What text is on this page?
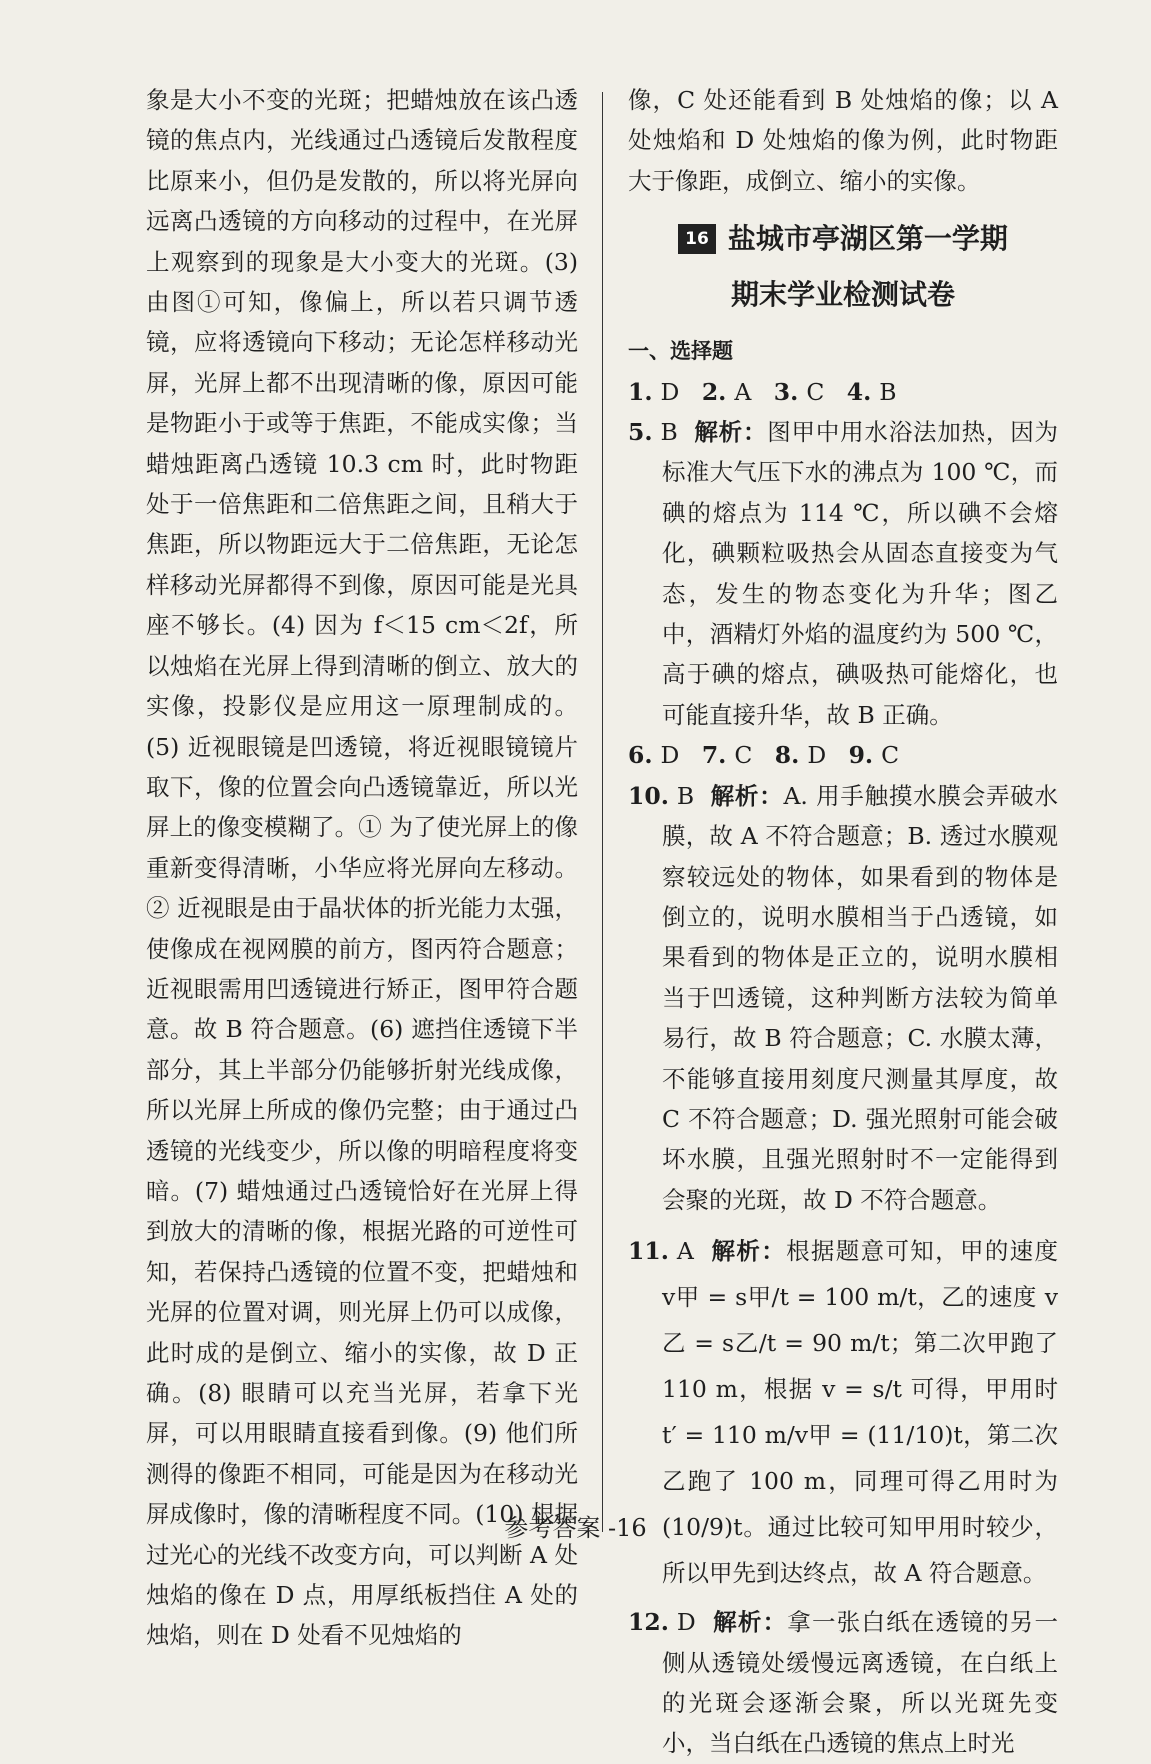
象是大小不变的光斑；把蜡烛放在该凸透镜的焦点内，光线通过凸透镜后发散程度比原来小，但仍是发散的，所以将光屏向远离凸透镜的方向移动的过程中，在光屏上观察到的现象是大小变大的光斑。(3) 由图①可知，像偏上，所以若只调节透镜，应将透镜向下移动；无论怎样移动光屏，光屏上都不出现清晰的像，原因可能是物距小于或等于焦距，不能成实像；当蜡烛距离凸透镜 10.3 cm 时，此时物距处于一倍焦距和二倍焦距之间，且稍大于焦距，所以物距远大于二倍焦距，无论怎样移动光屏都得不到像，原因可能是光具座不够长。(4) 因为 f＜15 cm＜2f，所以烛焰在光屏上得到清晰的倒立、放大的实像，投影仪是应用这一原理制成的。(5) 近视眼镜是凹透镜，将近视眼镜镜片取下，像的位置会向凸透镜靠近，所以光屏上的像变模糊了。① 为了使光屏上的像重新变得清晰，小华应将光屏向左移动。② 近视眼是由于晶状体的折光能力太强，使像成在视网膜的前方，图丙符合题意；近视眼需用凹透镜进行矫正，图甲符合题意。故 B 符合题意。(6) 遮挡住透镜下半部分，其上半部分仍能够折射光线成像，所以光屏上所成的像仍完整；由于通过凸透镜的光线变少，所以像的明暗程度将变暗。(7) 蜡烛通过凸透镜恰好在光屏上得到放大的清晰的像，根据光路的可逆性可知，若保持凸透镜的位置不变，把蜡烛和光屏的位置对调，则光屏上仍可以成像，此时成的是倒立、缩小的实像，故 D 正确。(8) 眼睛可以充当光屏，若拿下光屏，可以用眼睛直接看到像。(9) 他们所测得的像距不相同，可能是因为在移动光屏成像时，像的清晰程度不同。(10) 根据过光心的光线不改变方向，可以判断 A 处烛焰的像在 D 点，用厚纸板挡住 A 处的烛焰，则在 D 处看不见烛焰的

像，C 处还能看到 B 处烛焰的像；以 A 处烛焰和 D 处烛焰的像为例，此时物距大于像距，成倒立、缩小的实像。

16 盐城市亭湖区第一学期
期末学业检测试卷
一、选择题
1. D 2. A 3. C 4. B

5. B 解析：图甲中用水浴法加热，因为标准大气压下水的沸点为 100 ℃，而碘的熔点为 114 ℃，所以碘不会熔化，碘颗粒吸热会从固态直接变为气态，发生的物态变化为升华；图乙中，酒精灯外焰的温度约为 500 ℃，高于碘的熔点，碘吸热可能熔化，也可能直接升华，故 B 正确。

6. D 7. C 8. D 9. C

10. B 解析：A. 用手触摸水膜会弄破水膜，故 A 不符合题意；B. 透过水膜观察较远处的物体，如果看到的物体是倒立的，说明水膜相当于凸透镜，如果看到的物体是正立的，说明水膜相当于凹透镜，这种判断方法较为简单易行，故 B 符合题意；C. 水膜太薄，不能够直接用刻度尺测量其厚度，故 C 不符合题意；D. 强光照射可能会破坏水膜，且强光照射时不一定能得到会聚的光斑，故 D 不符合题意。

11. A 解析：根据题意可知，甲的速度 v甲 = s甲/t = 100 m/t，乙的速度 v乙 = s乙/t = 90 m/t；第二次甲跑了 110 m，根据 v = s/t 可得，甲用时 t′ = 110 m/v甲 = (11/10)t，第二次乙跑了 100 m，同理可得乙用时为 (10/9)t。通过比较可知甲用时较少，所以甲先到达终点，故 A 符合题意。

12. D 解析：拿一张白纸在透镜的另一侧从透镜处缓慢远离透镜，在白纸上的光斑会逐渐会聚，所以光斑先变小，当白纸在凸透镜的焦点上时光

参考答案 -16
